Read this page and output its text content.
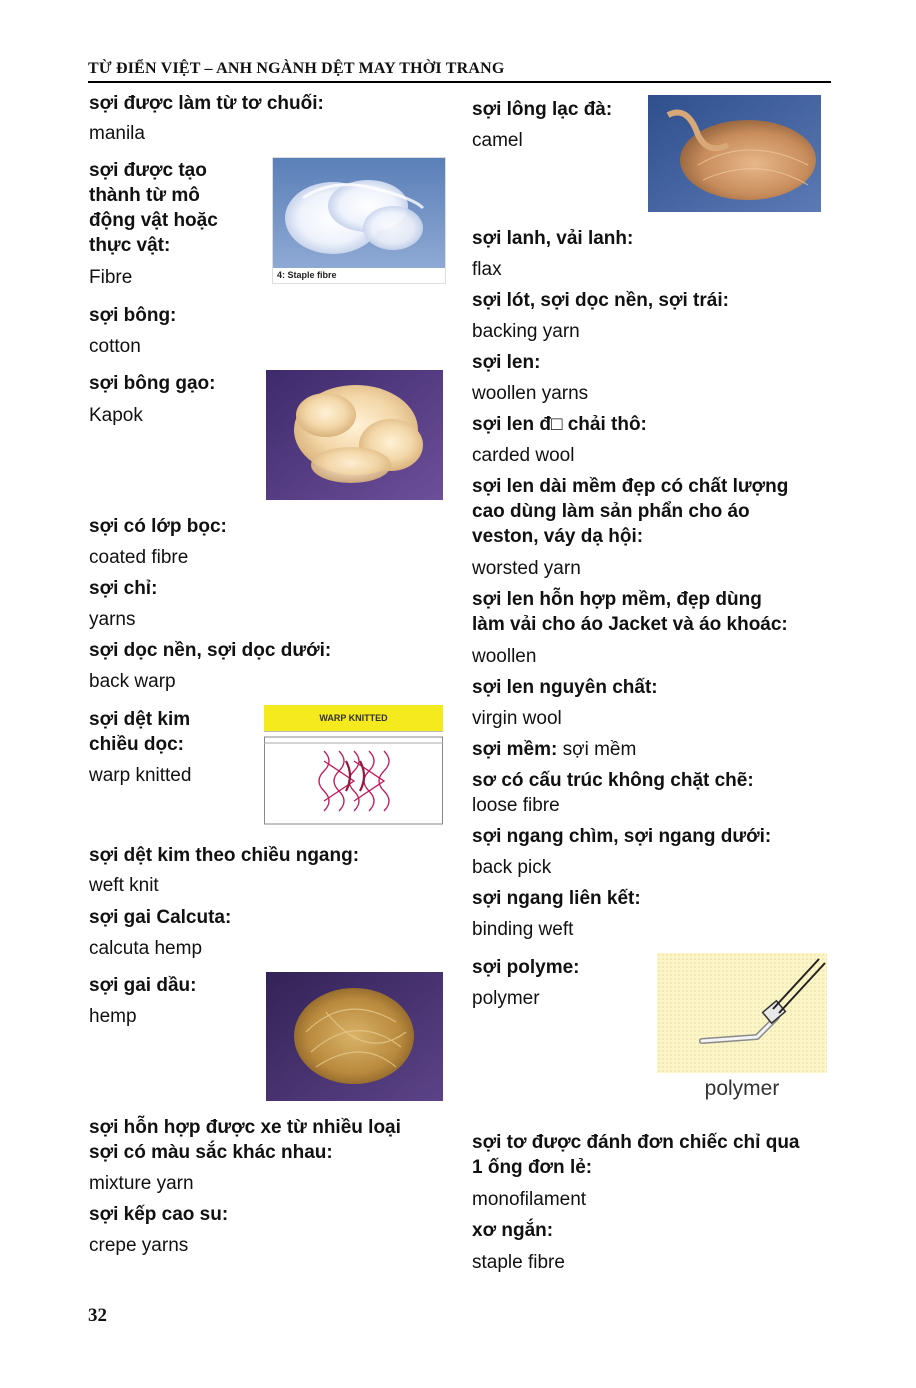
TỪ ĐIỂN VIỆT – ANH NGÀNH DỆT MAY THỜI TRANG
sợi được làm từ tơ chuối:
manila
sợi được tạo
thành từ mô
động vật hoặc
thực vật:
Fibre
sợi bông:
cotton
sợi bông gạo:
Kapok
sợi có lớp bọc:
coated fibre
sợi chỉ:
yarns
sợi dọc nền, sợi dọc dưới:
back warp
sợi dệt kim
chiều dọc:
warp knitted
sợi dệt kim theo chiều ngang:
weft knit
sợi gai Calcuta:
calcuta hemp
sợi gai dầu:
hemp
sợi hỗn hợp được xe từ nhiều loại
sợi có màu sắc khác nhau:
mixture yarn
sợi kếp cao su:
crepe yarns
sợi lông lạc đà:
camel
sợi lanh, vải lanh:
flax
sợi lót, sợi dọc nền, sợi trái:
backing yarn
sợi len:
woollen yarns
sợi len đ□ chải thô:
carded wool
sợi len dài mềm đẹp có chất lượng
cao dùng làm sản phẩn cho áo
veston, váy dạ hội:
worsted yarn
sợi len hỗn hợp mềm, đẹp dùng
làm vải cho áo Jacket và áo khoác:
woollen
sợi len nguyên chất:
virgin wool
sợi mềm: sợi mềm
sơ có cấu trúc không chặt chẽ:
loose fibre
sợi ngang chìm, sợi ngang dưới:
back pick
sợi ngang liên kết:
binding weft
sợi polyme:
polymer
sợi tơ được đánh đơn chiếc chỉ qua
1 ống đơn lẻ:
monofilament
xơ ngắn:
staple fibre
4: Staple fibre
WARP KNITTED
polymer
32
